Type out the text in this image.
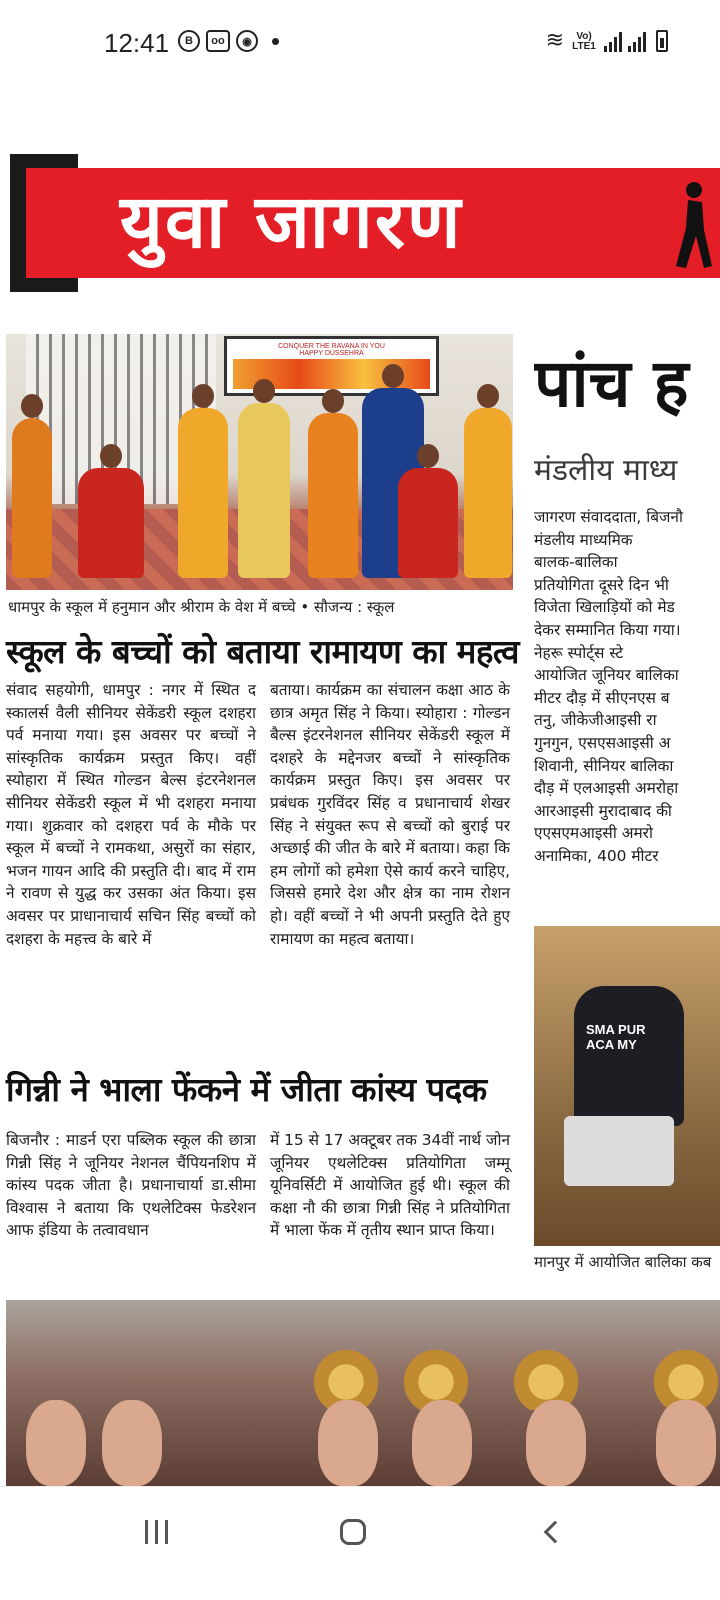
12:41	B	oo	◉	≋	Vo) LTE1
युवा जागरण
CONQUER THE RAVANA IN YOU
HAPPY DUSSEHRA
धामपुर के स्कूल में हनुमान और श्रीराम के वेश में बच्चे • सौजन्य : स्कूल
स्कूल के बच्चों को बताया रामायण का महत्व
संवाद सहयोगी, धामपुर : नगर में स्थित द स्कालर्स वैली सीनियर सेकेंडरी स्कूल दशहरा पर्व मनाया गया। इस अवसर पर बच्चों ने सांस्कृतिक कार्यक्रम प्रस्तुत किए। वहीं स्योहारा में स्थित गोल्डन बेल्स इंटरनेशनल सीनियर सेकेंडरी स्कूल में भी दशहरा मनाया गया। शुक्रवार को दशहरा पर्व के मौके पर स्कूल में बच्चों ने रामकथा, असुरों का संहार, भजन गायन आदि की प्रस्तुति दी। बाद में राम ने रावण से युद्ध कर उसका अंत किया। इस अवसर पर प्राधानाचार्य सचिन सिंह बच्चों को दशहरा के महत्त्व के बारे में
बताया। कार्यक्रम का संचालन कक्षा आठ के छात्र अमृत सिंह ने किया। स्योहारा : गोल्डन बैल्स इंटरनेशनल सीनियर सेकेंडरी स्कूल में दशहरे के मद्देनजर बच्चों ने सांस्कृतिक कार्यक्रम प्रस्तुत किए। इस अवसर पर प्रबंधक गुरविंदर सिंह व प्रधानाचार्य शेखर सिंह ने संयुक्त रूप से बच्चों को बुराई पर अच्छाई की जीत के बारे में बताया। कहा कि हम लोगों को हमेशा ऐसे कार्य करने चाहिए, जिससे हमारे देश और क्षेत्र का नाम रोशन हो। वहीं बच्चों ने भी अपनी प्रस्तुति देते हुए रामायण का महत्व बताया।
गिन्नी ने भाला फेंकने में जीता कांस्य पदक
बिजनौर : माडर्न एरा पब्लिक स्कूल की छात्रा गिन्नी सिंह ने जूनियर नेशनल चैंपियनशिप में कांस्य पदक जीता है। प्रधानाचार्या डा.सीमा विश्वास ने बताया कि एथलेटिक्स फेडरेशन आफ इंडिया के तत्वावधान
में 15 से 17 अक्टूबर तक 34वीं नार्थ जोन जूनियर एथलेटिक्स प्रतियोगिता जम्मू यूनिवर्सिटी में आयोजित हुई थी। स्कूल की कक्षा नौ की छात्रा गिन्नी सिंह ने प्रतियोगिता में भाला फेंक में तृतीय स्थान प्राप्त किया।
पांच ह
मंडलीय माध्य
जागरण संवाददाता, बिजनौ
मंडलीय माध्यमिक
बालक-बालिका
प्रतियोगिता दूसरे दिन भी
विजेता खिलाड़ियों को मेड
देकर सम्मानित किया गया।
नेहरू स्पोर्ट्स स्टे
आयोजित जूनियर बालिका
मीटर दौड़ में सीएनएस ब
तनु, जीकेजीआइसी रा
गुनगुन, एसएसआइसी अ
शिवानी, सीनियर बालिका
दौड़ में एलआइसी अमरोहा
आरआइसी मुरादाबाद की
एएसएमआइसी अमरो
अनामिका, 400 मीटर
SMA PUR
ACA MY
मानपुर में आयोजित बालिका कब
